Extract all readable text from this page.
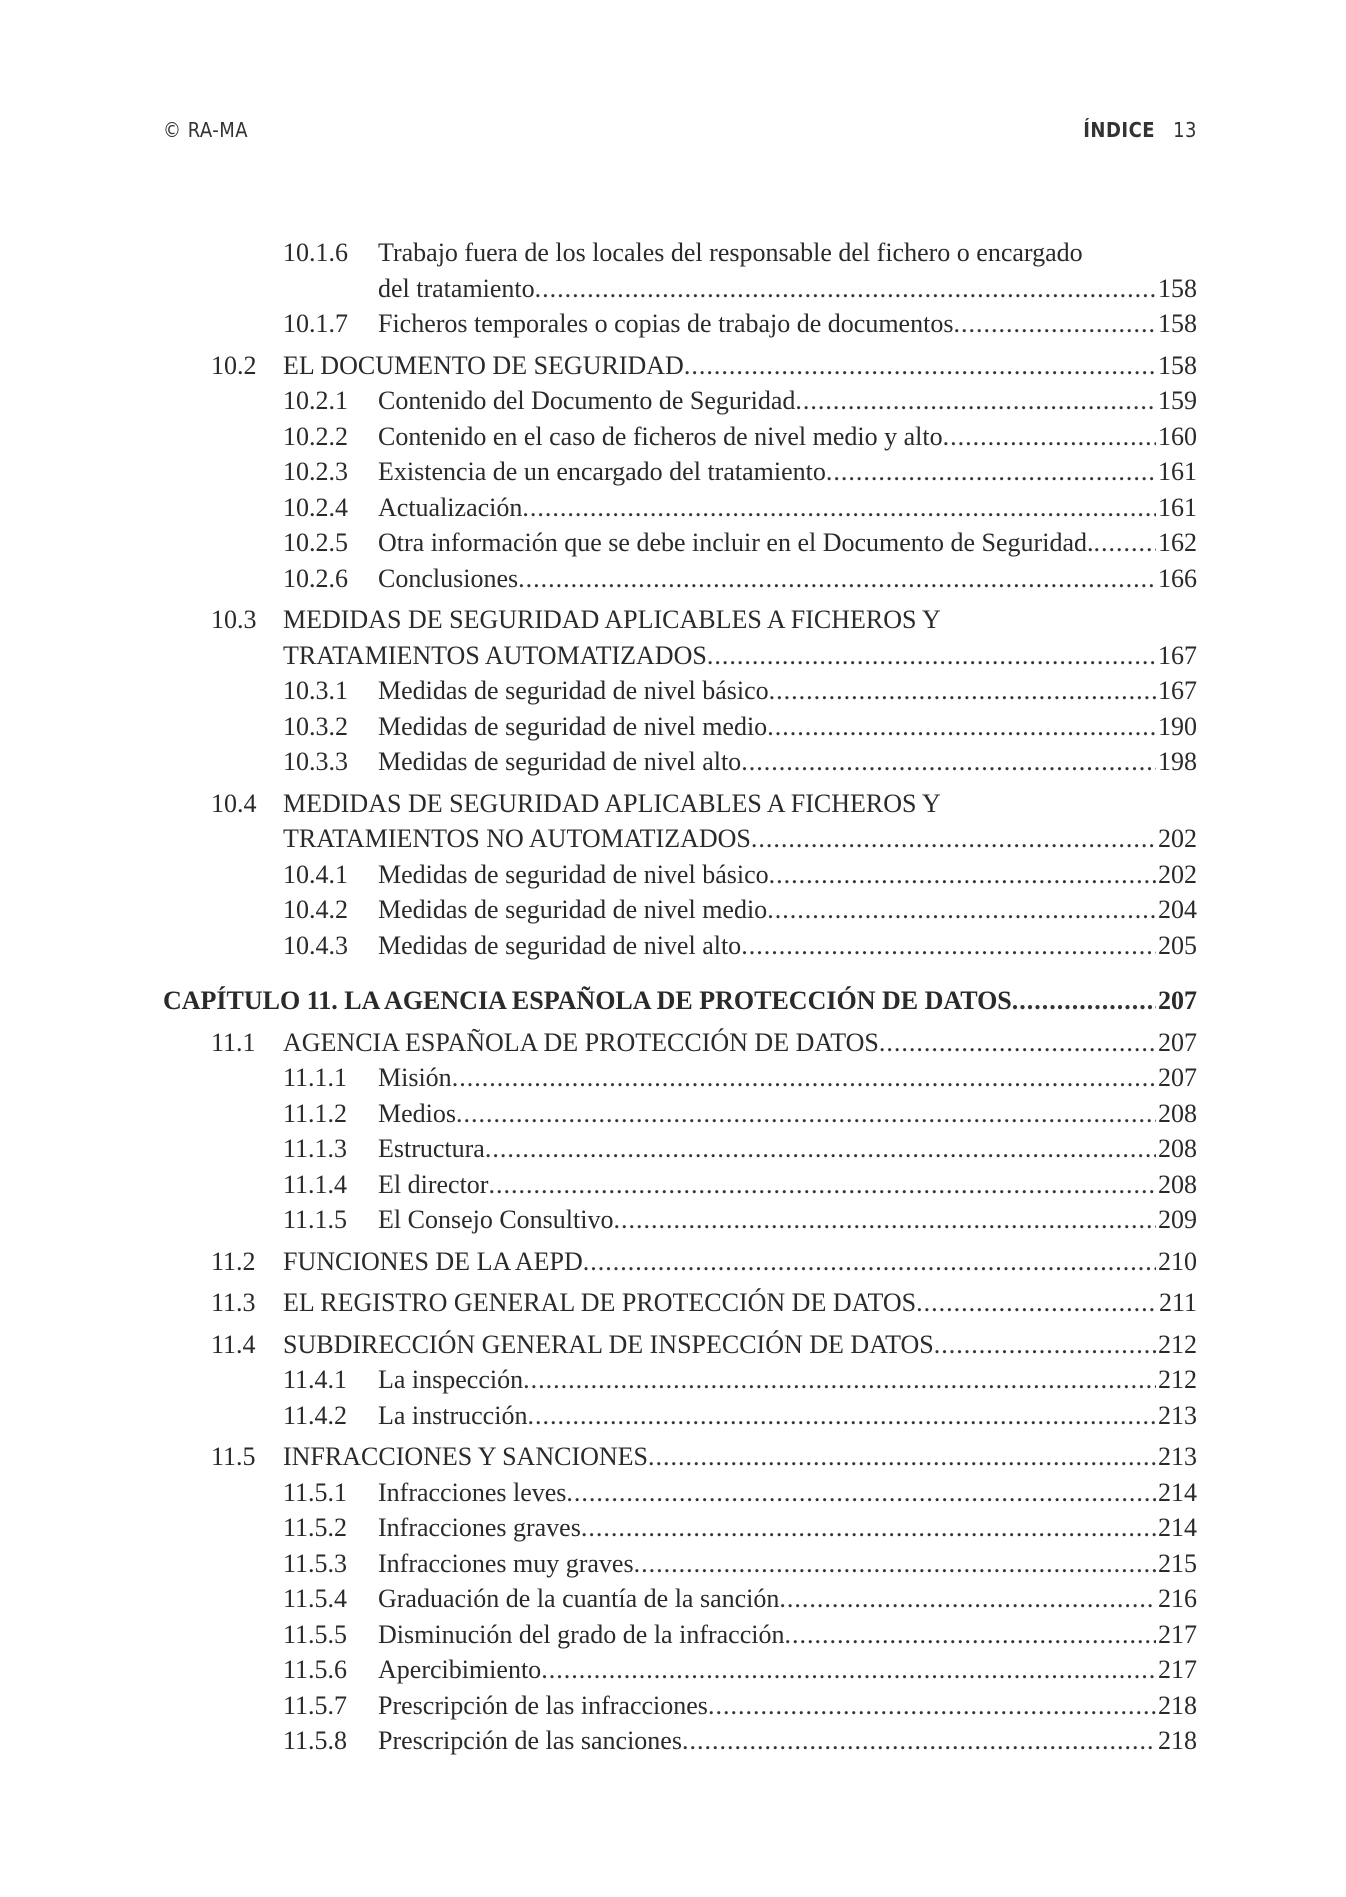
© RA-MA	ÍNDICE 13
10.1.6 Trabajo fuera de los locales del responsable del fichero o encargado
del tratamiento .....	158
10.1.7 Ficheros temporales o copias de trabajo de documentos .....	158
10.2 EL DOCUMENTO DE SEGURIDAD .....	158
10.2.1 Contenido del Documento de Seguridad .....	159
10.2.2 Contenido en el caso de ficheros de nivel medio y alto .....	160
10.2.3 Existencia de un encargado del tratamiento .....	161
10.2.4 Actualización .....	161
10.2.5 Otra información que se debe incluir en el Documento de Seguridad. ..... 162
10.2.6 Conclusiones .....	166
10.3 MEDIDAS DE SEGURIDAD APLICABLES A FICHEROS Y
TRATAMIENTOS AUTOMATIZADOS .....	167
10.3.1 Medidas de seguridad de nivel básico .....	167
10.3.2 Medidas de seguridad de nivel medio .....	190
10.3.3 Medidas de seguridad de nivel alto .....	198
10.4 MEDIDAS DE SEGURIDAD APLICABLES A FICHEROS Y
TRATAMIENTOS NO AUTOMATIZADOS .....	202
10.4.1 Medidas de seguridad de nivel básico .....	202
10.4.2 Medidas de seguridad de nivel medio .....	204
10.4.3 Medidas de seguridad de nivel alto .....	205
CAPÍTULO 11. LA AGENCIA ESPAÑOLA DE PROTECCIÓN DE DATOS .....	207
11.1 AGENCIA ESPAÑOLA DE PROTECCIÓN DE DATOS .....	207
11.1.1 Misión .....	207
11.1.2 Medios .....	208
11.1.3 Estructura .....	208
11.1.4 El director .....	208
11.1.5 El Consejo Consultivo .....	209
11.2 FUNCIONES DE LA AEPD .....	210
11.3 EL REGISTRO GENERAL DE PROTECCIÓN DE DATOS .....	211
11.4 SUBDIRECCIÓN GENERAL DE INSPECCIÓN DE DATOS .....	212
11.4.1 La inspección .....	212
11.4.2 La instrucción .....	213
11.5 INFRACCIONES Y SANCIONES .....	213
11.5.1 Infracciones leves .....	214
11.5.2 Infracciones graves .....	214
11.5.3 Infracciones muy graves .....	215
11.5.4 Graduación de la cuantía de la sanción .....	216
11.5.5 Disminución del grado de la infracción .....	217
11.5.6 Apercibimiento .....	217
11.5.7 Prescripción de las infracciones .....	218
11.5.8 Prescripción de las sanciones .....	218
